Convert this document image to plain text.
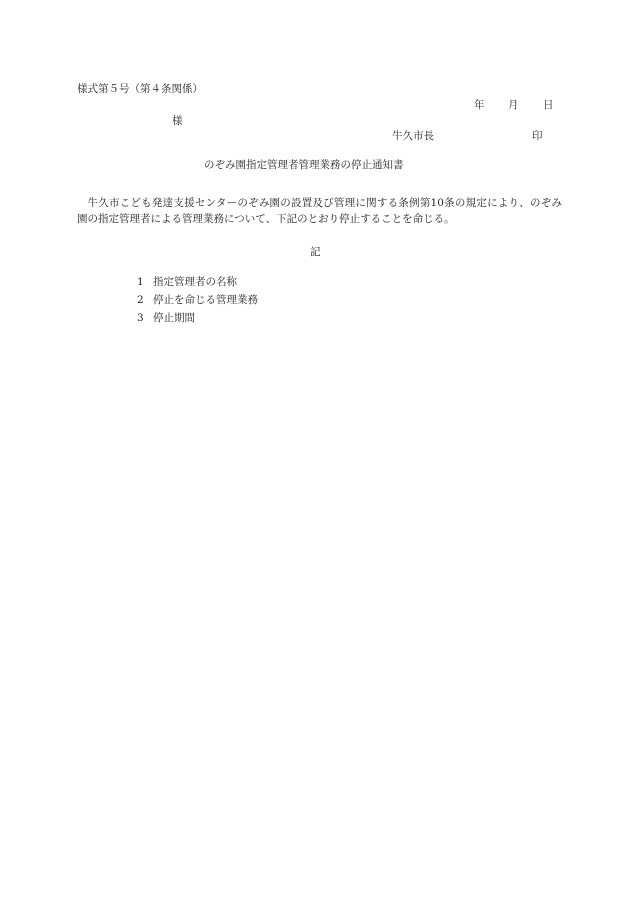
様式第５号（第４条関係）
年 月 日
様
牛久市長	印
のぞみ園指定管理者管理業務の停止通知書

牛久市こども発達支援センターのぞみ園の設置及び管理に関する条例第10条の規定により、のぞみ園の指定管理者による管理業務について、下記のとおり停止することを命じる。

記
1 指定管理者の名称
2 停止を命じる管理業務
3 停止期間
